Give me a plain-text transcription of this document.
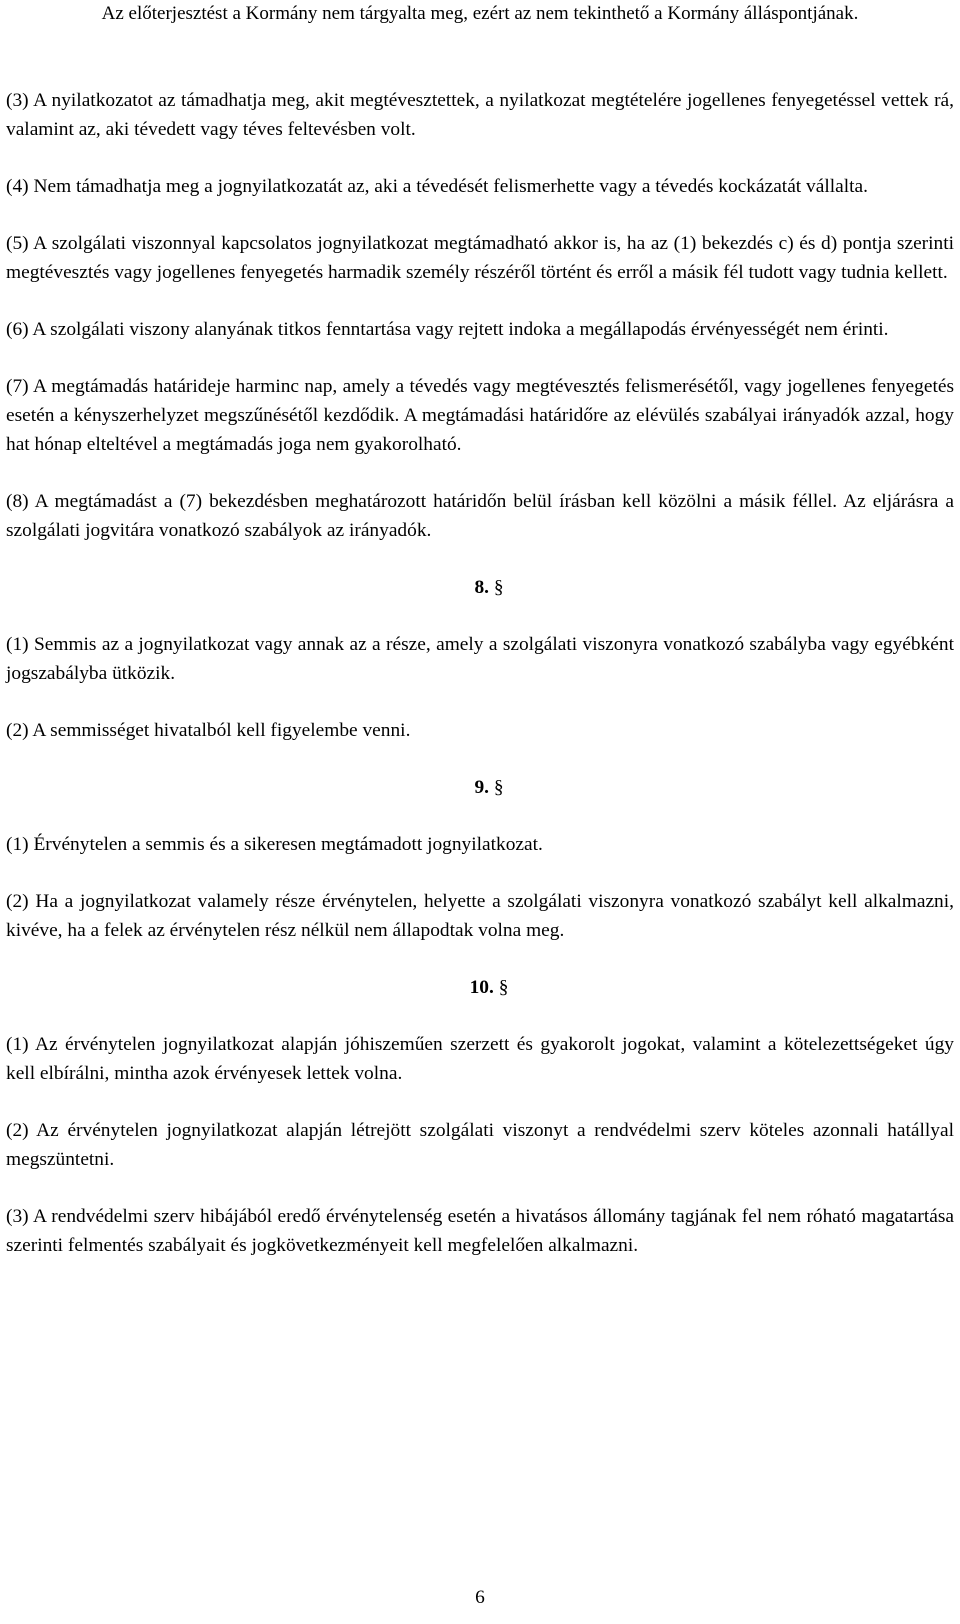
Az előterjesztést a Kormány nem tárgyalta meg, ezért az nem tekinthető a Kormány álláspontjának.

(3) A nyilatkozatot az támadhatja meg, akit megtévesztettek, a nyilatkozat megtételére jogellenes fenyegetéssel vettek rá, valamint az, aki tévedett vagy téves feltevésben volt.

(4) Nem támadhatja meg a jognyilatkozatát az, aki a tévedését felismerhette vagy a tévedés kockázatát vállalta.

(5) A szolgálati viszonnyal kapcsolatos jognyilatkozat megtámadható akkor is, ha az (1) bekezdés c) és d) pontja szerinti megtévesztés vagy jogellenes fenyegetés harmadik személy részéről történt és erről a másik fél tudott vagy tudnia kellett.

(6) A szolgálati viszony alanyának titkos fenntartása vagy rejtett indoka a megállapodás érvényességét nem érinti.

(7) A megtámadás határideje harminc nap, amely a tévedés vagy megtévesztés felismerésétől, vagy jogellenes fenyegetés esetén a kényszerhelyzet megszűnésétől kezdődik. A megtámadási határidőre az elévülés szabályai irányadók azzal, hogy hat hónap elteltével a megtámadás joga nem gyakorolható.

(8) A megtámadást a (7) bekezdésben meghatározott határidőn belül írásban kell közölni a másik féllel. Az eljárásra a szolgálati jogvitára vonatkozó szabályok az irányadók.

8. §

(1) Semmis az a jognyilatkozat vagy annak az a része, amely a szolgálati viszonyra vonatkozó szabályba vagy egyébként jogszabályba ütközik.

(2) A semmisséget hivatalból kell figyelembe venni.

9. §

(1) Érvénytelen a semmis és a sikeresen megtámadott jognyilatkozat.

(2) Ha a jognyilatkozat valamely része érvénytelen, helyette a szolgálati viszonyra vonatkozó szabályt kell alkalmazni, kivéve, ha a felek az érvénytelen rész nélkül nem állapodtak volna meg.

10. §

(1) Az érvénytelen jognyilatkozat alapján jóhiszeműen szerzett és gyakorolt jogokat, valamint a kötelezettségeket úgy kell elbírálni, mintha azok érvényesek lettek volna.

(2) Az érvénytelen jognyilatkozat alapján létrejött szolgálati viszonyt a rendvédelmi szerv köteles azonnali hatállyal megszüntetni.

(3) A rendvédelmi szerv hibájából eredő érvénytelenség esetén a hivatásos állomány tagjának fel nem róható magatartása szerinti felmentés szabályait és jogkövetkezményeit kell megfelelően alkalmazni.

6
